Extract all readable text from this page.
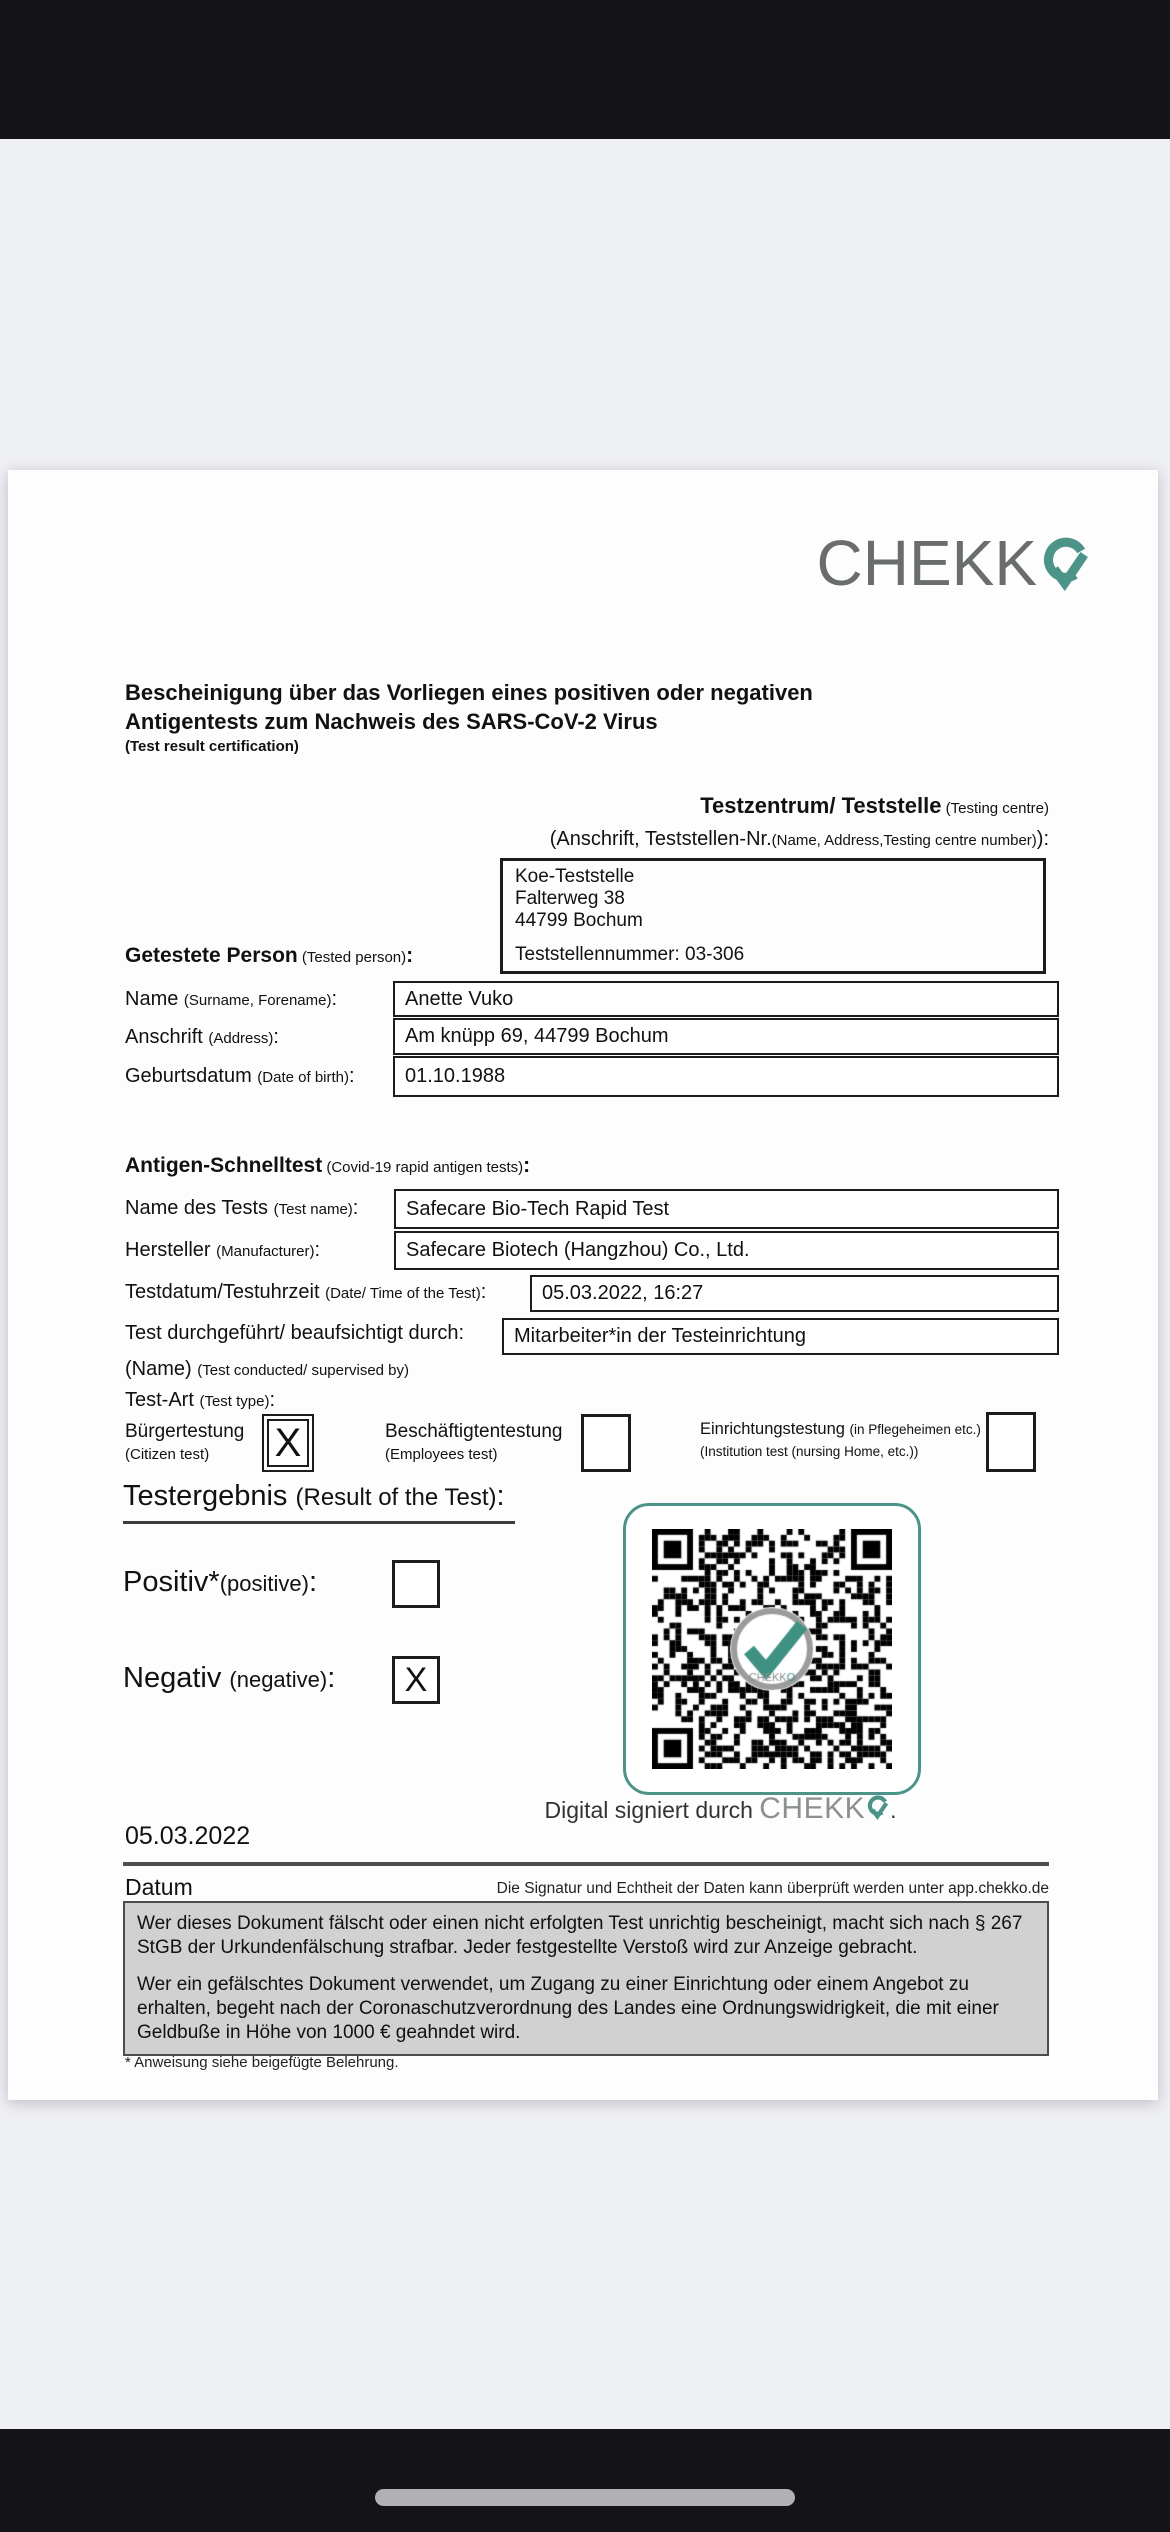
CHEKK
Bescheinigung über das Vorliegen eines positiven oder negativen
Antigentests zum Nachweis des SARS-CoV-2 Virus
(Test result certification)
Testzentrum/ Teststelle (Testing centre)
(Anschrift, Teststellen-Nr.(Name, Address,Testing centre number)):
Koe-Teststelle
Falterweg 38
44799 Bochum
Teststellennummer: 03-306
Getestete Person (Tested person):
Name (Surname, Forename):	Anette Vuko
Anschrift (Address):	Am knüpp 69, 44799 Bochum
Geburtsdatum (Date of birth):	01.10.1988
Antigen-Schnelltest (Covid-19 rapid antigen tests):
Name des Tests (Test name):	Safecare Bio-Tech Rapid Test
Hersteller (Manufacturer):	Safecare Biotech (Hangzhou) Co., Ltd.
Testdatum/Testuhrzeit (Date/ Time of the Test):	05.03.2022, 16:27
Test durchgeführt/ beaufsichtigt durch:	Mitarbeiter*in der Testeinrichtung
(Name) (Test conducted/ supervised by)
Test-Art (Test type):
Bürgertestung
(Citizen test)	X	Beschäftigtentestung
(Employees test)
Einrichtungstestung (in Pflegeheimen etc.)
(Institution test (nursing Home, etc.))
Testergebnis (Result of the Test):
Positiv*(positive):
Negativ (negative):	X
Digital signiert durch CHEKK .
05.03.2022
Datum	Die Signatur und Echtheit der Daten kann überprüft werden unter app.chekko.de

Wer dieses Dokument fälscht oder einen nicht erfolgten Test unrichtig bescheinigt, macht sich nach § 267 StGB der Urkundenfälschung strafbar. Jeder festgestellte Verstoß wird zur Anzeige gebracht.

Wer ein gefälschtes Dokument verwendet, um Zugang zu einer Einrichtung oder einem Angebot zu erhalten, begeht nach der Coronaschutzverordnung des Landes eine Ordnungswidrigkeit, die mit einer Geldbuße in Höhe von 1000 € geahndet wird.

* Anweisung siehe beigefügte Belehrung.
